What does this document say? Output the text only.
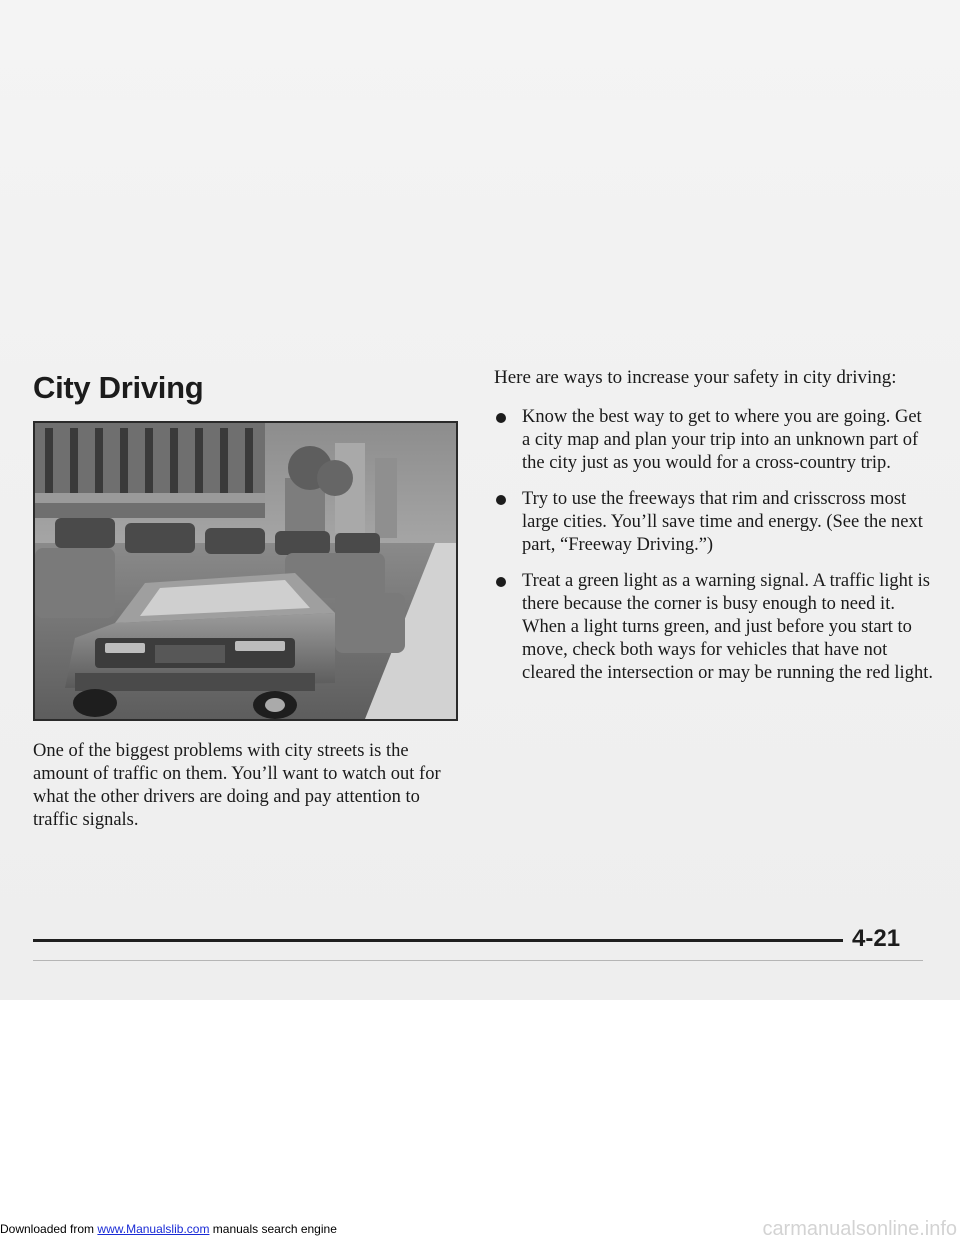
City Driving

One of the biggest problems with city streets is the amount of traffic on them. You’ll want to watch out for what the other drivers are doing and pay attention to traffic signals.

Here are ways to increase your safety in city driving:

Know the best way to get to where you are going. Get a city map and plan your trip into an unknown part of the city just as you would for a cross-country trip.
Try to use the freeways that rim and crisscross most large cities. You’ll save time and energy. (See the next part, “Freeway Driving.”)
Treat a green light as a warning signal. A traffic light is there because the corner is busy enough to need it. When a light turns green, and just before you start to move, check both ways for vehicles that have not cleared the intersection or may be running the red light.

4-21

Downloaded from www.Manualslib.com manuals search engine	carmanualsonline.info
